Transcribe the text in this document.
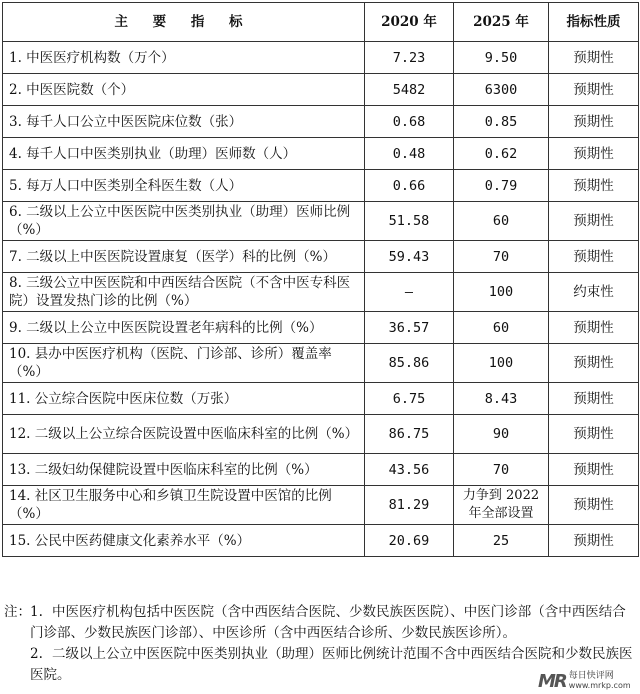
主 要 指 标	2020 年	2025 年	指标性质
1. 中医医疗机构数（万个）	7.23	9.50	预期性
2. 中医医院数（个）	5482	6300	预期性
3. 每千人口公立中医医院床位数（张）	0.68	0.85	预期性
4. 每千人口中医类别执业（助理）医师数（人）	0.48	0.62	预期性
5. 每万人口中医类别全科医生数（人）	0.66	0.79	预期性
6. 二级以上公立中医医院中医类别执业（助理）医师比例（%）	51.58	60	预期性
7. 二级以上中医医院设置康复（医学）科的比例（%）	59.43	70	预期性
8. 三级公立中医医院和中西医结合医院（不含中医专科医院）设置发热门诊的比例（%）	—	100	约束性
9. 二级以上公立中医医院设置老年病科的比例（%）	36.57	60	预期性
10. 县办中医医疗机构（医院、门诊部、诊所）覆盖率（%）	85.86	100	预期性
11. 公立综合医院中医床位数（万张）	6.75	8.43	预期性
12. 二级以上公立综合医院设置中医临床科室的比例（%）	86.75	90	预期性
13. 二级妇幼保健院设置中医临床科室的比例（%）	43.56	70	预期性
14. 社区卫生服务中心和乡镇卫生院设置中医馆的比例（%）	81.29	力争到 2022 年全部设置	预期性
15. 公民中医药健康文化素养水平（%）	20.69	25	预期性
注： 1. 中医医疗机构包括中医医院（含中西医结合医院、少数民族医医院）、中医门诊部（含中西医结合门诊部、少数民族医门诊部）、中医诊所（含中西医结合诊所、少数民族医诊所）。
2. 二级以上公立中医医院中医类别执业（助理）医师比例统计范围不含中西医结合医院和少数民族医医院。	MR 每日快评网
www.mrkp.com
